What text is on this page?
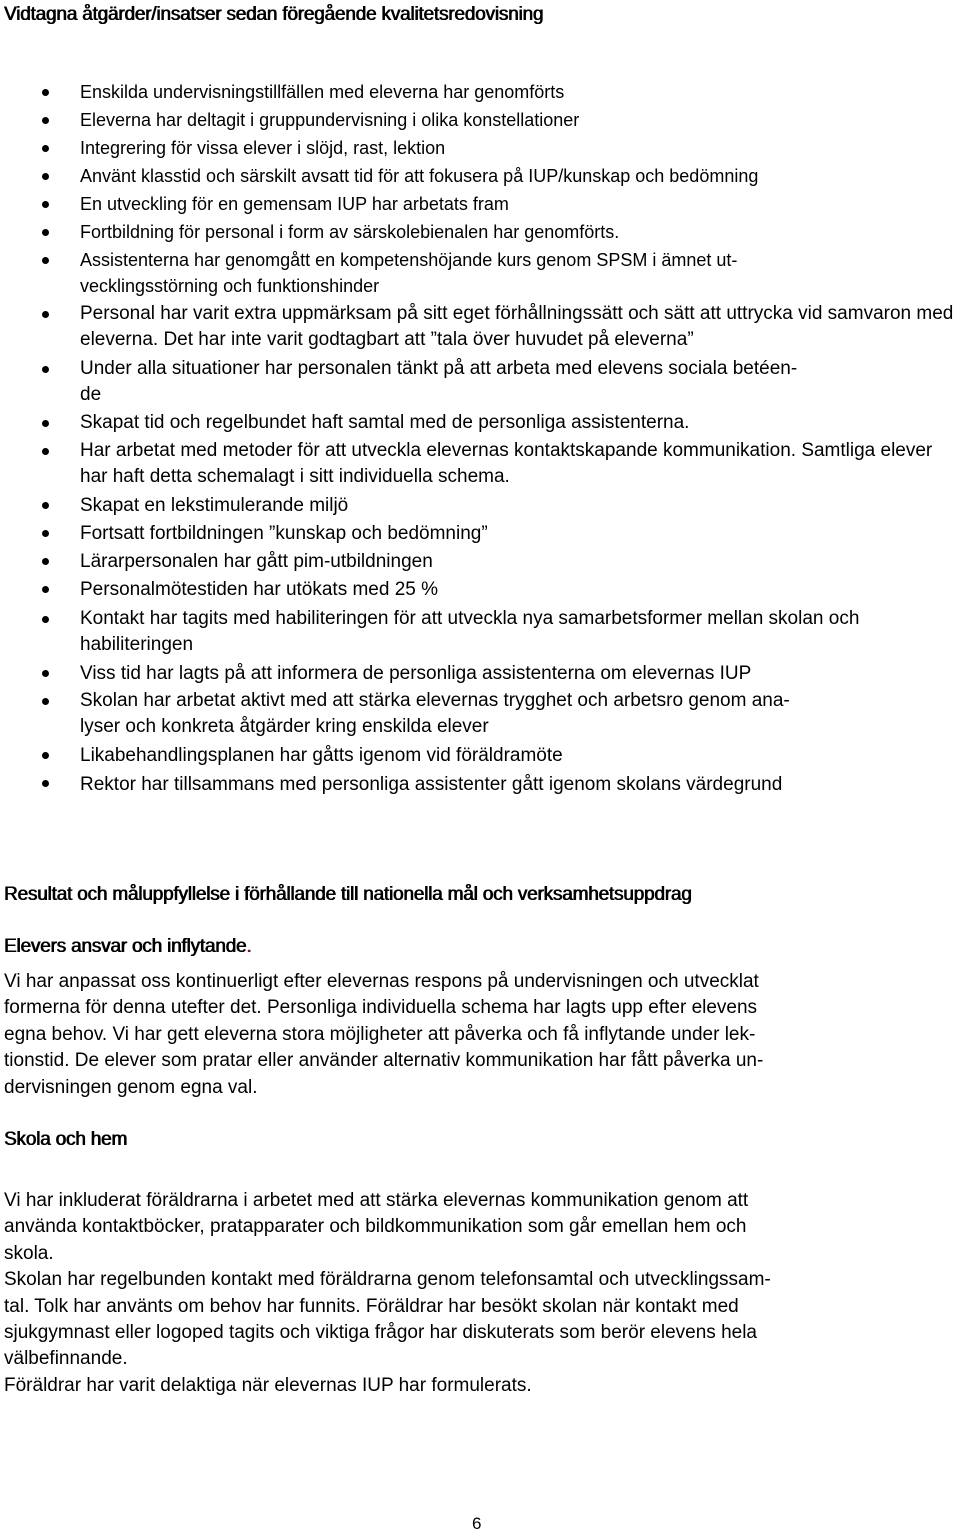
Vidtagna åtgärder/insatser sedan föregående kvalitetsredovisning
Enskilda undervisningstillfällen med eleverna har genomförts
Eleverna har deltagit i gruppundervisning i olika konstellationer
Integrering för vissa elever i slöjd, rast, lektion
Använt klasstid och särskilt avsatt tid för att fokusera på IUP/kunskap och bedömning
En utveckling för en gemensam IUP har arbetats fram
Fortbildning för personal i form av särskolebienalen har genomförts.
Assistenterna har genomgått en kompetenshöjande kurs genom SPSM i ämnet ut-
vecklingsstörning och funktionshinder
Personal har varit extra uppmärksam på sitt eget förhållningssätt och sätt att uttrycka vid samvaron med eleverna. Det har inte varit godtagbart att ”tala över huvudet på eleverna”
Under alla situationer har personalen tänkt på att arbeta med elevens sociala betéen-
de
Skapat tid och regelbundet haft samtal med de personliga assistenterna.
Har arbetat med metoder för att utveckla elevernas kontaktskapande kommunikation. Samtliga elever har haft detta schemalagt i sitt individuella schema.
Skapat en lekstimulerande miljö
Fortsatt fortbildningen ”kunskap och bedömning”
Lärarpersonalen har gått pim-utbildningen
Personalmötestiden har utökats med 25 %
Kontakt har tagits med habiliteringen för att utveckla nya samarbetsformer mellan skolan och habiliteringen
Viss tid har lagts på att informera de personliga assistenterna om elevernas IUP
Skolan har arbetat aktivt med att stärka elevernas trygghet och arbetsro genom ana-
lyser och konkreta åtgärder kring enskilda elever
Likabehandlingsplanen har gåtts igenom vid föräldramöte
Rektor har tillsammans med personliga assistenter gått igenom skolans värdegrund
Resultat och måluppfyllelse i förhållande till nationella mål och verksamhetsuppdrag
Elevers ansvar och inflytande.

Vi har anpassat oss kontinuerligt efter elevernas respons på undervisningen och utvecklat
formerna för denna utefter det. Personliga individuella schema har lagts upp efter elevens
egna behov. Vi har gett eleverna stora möjligheter att påverka och få inflytande under lek-
tionstid. De elever som pratar eller använder alternativ kommunikation har fått påverka un-
dervisningen genom egna val.

Skola och hem

Vi har inkluderat föräldrarna i arbetet med att stärka elevernas kommunikation genom att
använda kontaktböcker, pratapparater och bildkommunikation som går emellan hem och
skola.
Skolan har regelbunden kontakt med föräldrarna genom telefonsamtal och utvecklingssam-
tal. Tolk har använts om behov har funnits. Föräldrar har besökt skolan när kontakt med
sjukgymnast eller logoped tagits och viktiga frågor har diskuterats som berör elevens hela
välbefinnande.
Föräldrar har varit delaktiga när elevernas IUP har formulerats.

6
